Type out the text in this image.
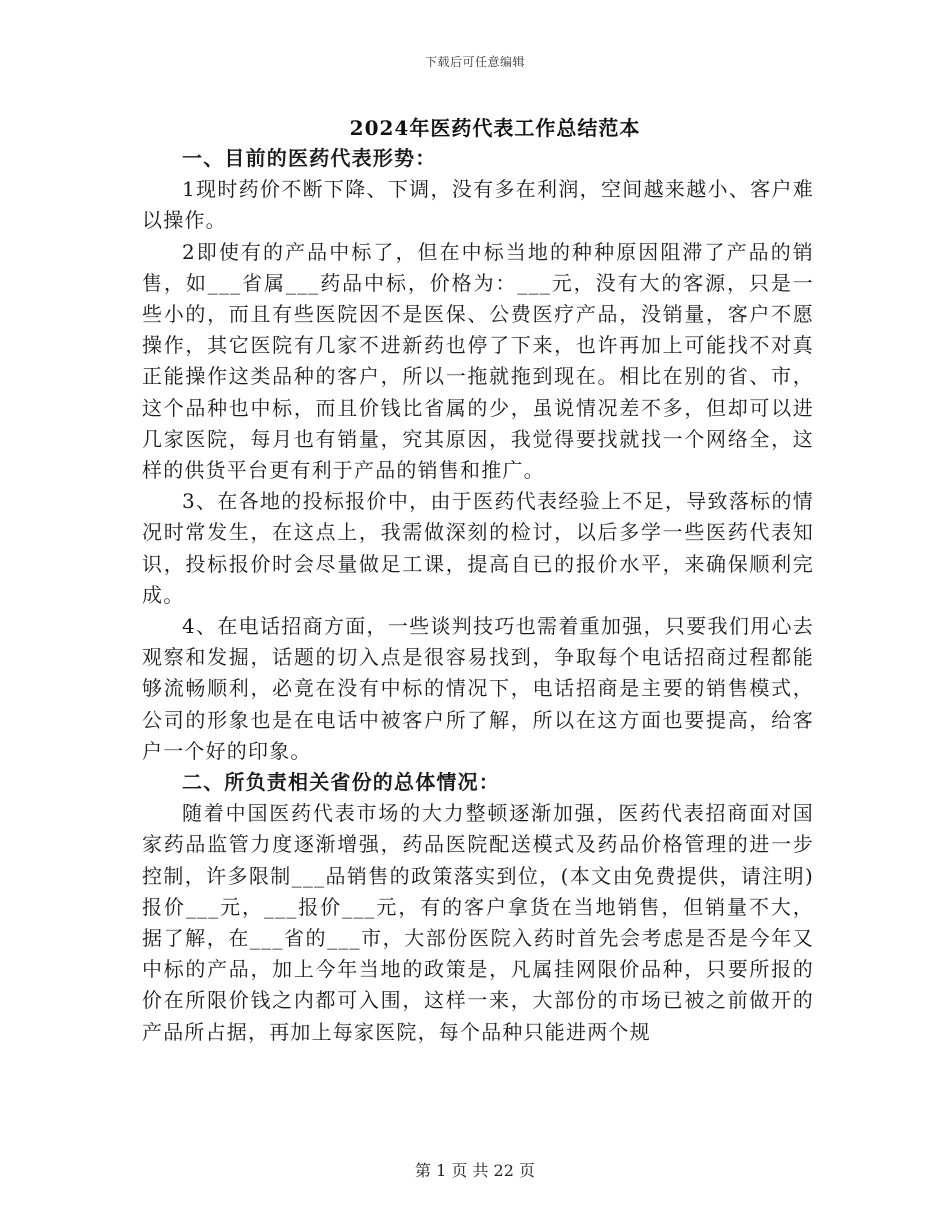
下载后可任意编辑
2024年医药代表工作总结范本

一、目前的医药代表形势：

1现时药价不断下降、下调，没有多在利润，空间越来越小、客户难以操作。

2即使有的产品中标了，但在中标当地的种种原因阻滞了产品的销售，如___省属___药品中标，价格为：___元，没有大的客源，只是一些小的，而且有些医院因不是医保、公费医疗产品，没销量，客户不愿操作，其它医院有几家不进新药也停了下来，也许再加上可能找不对真正能操作这类品种的客户，所以一拖就拖到现在。相比在别的省、市，这个品种也中标，而且价钱比省属的少，虽说情况差不多，但却可以进几家医院，每月也有销量，究其原因，我觉得要找就找一个网络全，这样的供货平台更有利于产品的销售和推广。

3、在各地的投标报价中，由于医药代表经验上不足，导致落标的情况时常发生，在这点上，我需做深刻的检讨，以后多学一些医药代表知识，投标报价时会尽量做足工课，提高自已的报价水平，来确保顺利完成。

4、在电话招商方面，一些谈判技巧也需着重加强，只要我们用心去观察和发掘，话题的切入点是很容易找到，争取每个电话招商过程都能够流畅顺利，必竟在没有中标的情况下，电话招商是主要的销售模式，公司的形象也是在电话中被客户所了解，所以在这方面也要提高，给客户一个好的印象。

二、所负责相关省份的总体情况：

随着中国医药代表市场的大力整顿逐渐加强，医药代表招商面对国家药品监管力度逐渐增强，药品医院配送模式及药品价格管理的进一步控制，许多限制___品销售的政策落实到位，(本文由免费提供，请注明)报价___元，___报价___元，有的客户拿货在当地销售，但销量不大，据了解，在___省的___市，大部份医院入药时首先会考虑是否是今年又中标的产品，加上今年当地的政策是，凡属挂网限价品种，只要所报的价在所限价钱之内都可入围，这样一来，大部份的市场已被之前做开的产品所占据，再加上每家医院，每个品种只能进两个规

第 1 页 共 22 页
